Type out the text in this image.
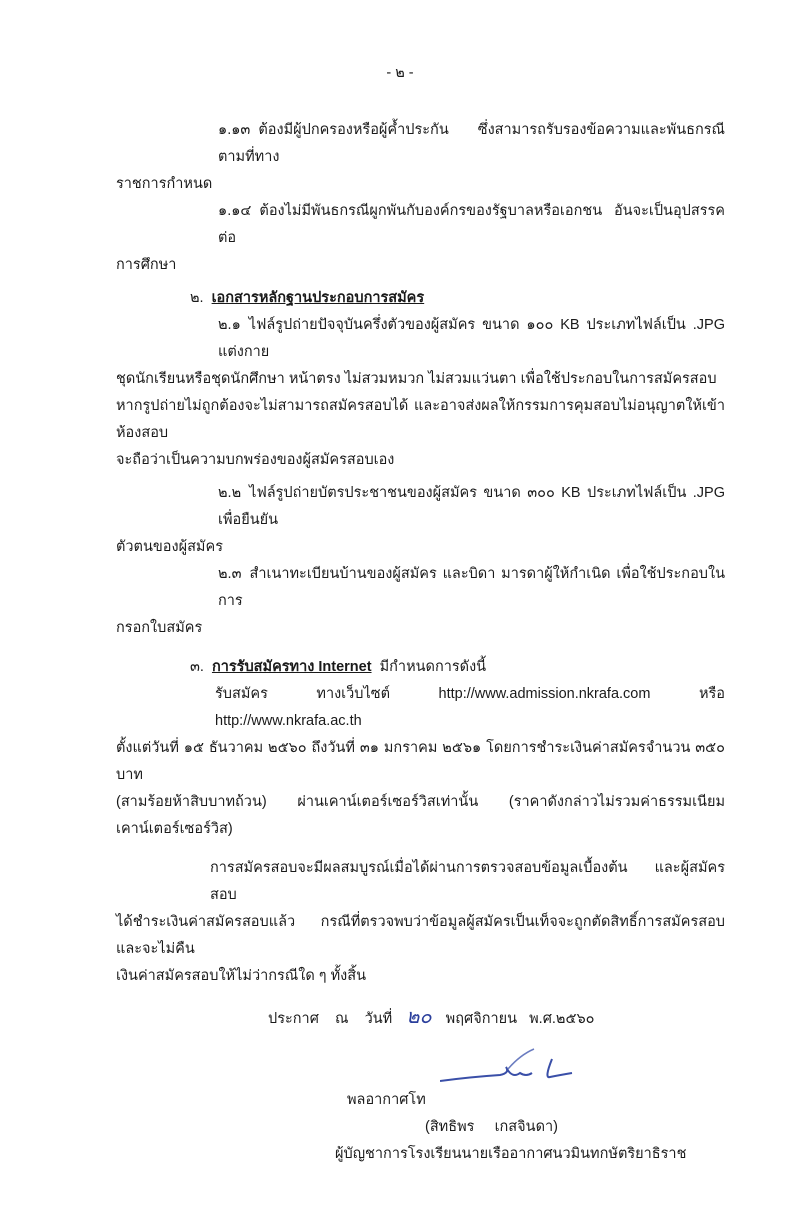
- ๒ -
๑.๑๓ ต้องมีผู้ปกครองหรือผู้ค้ำประกัน ซึ่งสามารถรับรองข้อความและพันธกรณีตามที่ทาง
ราชการกำหนด
๑.๑๔ ต้องไม่มีพันธกรณีผูกพันกับองค์กรของรัฐบาลหรือเอกชน อันจะเป็นอุปสรรคต่อ
การศึกษา
๒. เอกสารหลักฐานประกอบการสมัคร
๒.๑ ไฟล์รูปถ่ายปัจจุบันครึ่งตัวของผู้สมัคร ขนาด ๑๐๐ KB ประเภทไฟล์เป็น .JPG แต่งกาย
ชุดนักเรียนหรือชุดนักศึกษา หน้าตรง ไม่สวมหมวก ไม่สวมแว่นตา เพื่อใช้ประกอบในการสมัครสอบ
หากรูปถ่ายไม่ถูกต้องจะไม่สามารถสมัครสอบได้ และอาจส่งผลให้กรรมการคุมสอบไม่อนุญาตให้เข้าห้องสอบ
จะถือว่าเป็นความบกพร่องของผู้สมัครสอบเอง
๒.๒ ไฟล์รูปถ่ายบัตรประชาชนของผู้สมัคร ขนาด ๓๐๐ KB ประเภทไฟล์เป็น .JPG เพื่อยืนยัน
ตัวตนของผู้สมัคร
๒.๓ สำเนาทะเบียนบ้านของผู้สมัคร และบิดา มารดาผู้ให้กำเนิด เพื่อใช้ประกอบในการ
กรอกใบสมัคร
๓. การรับสมัครทาง Internet มีกำหนดการดังนี้
รับสมัคร ทางเว็บไซต์ http://www.admission.nkrafa.com หรือ http://www.nkrafa.ac.th
ตั้งแต่วันที่ ๑๕ ธันวาคม ๒๕๖๐ ถึงวันที่ ๓๑ มกราคม ๒๕๖๑ โดยการชำระเงินค่าสมัครจำนวน ๓๕๐ บาท
(สามร้อยห้าสิบบาทถ้วน) ผ่านเคาน์เตอร์เซอร์วิสเท่านั้น (ราคาดังกล่าวไม่รวมค่าธรรมเนียมเคาน์เตอร์เซอร์วิส)
การสมัครสอบจะมีผลสมบูรณ์เมื่อได้ผ่านการตรวจสอบข้อมูลเบื้องต้น และผู้สมัครสอบ
ได้ชำระเงินค่าสมัครสอบแล้ว กรณีที่ตรวจพบว่าข้อมูลผู้สมัครเป็นเท็จจะถูกตัดสิทธิ์การสมัครสอบ และจะไม่คืน
เงินค่าสมัครสอบให้ไม่ว่ากรณีใด ๆ ทั้งสิ้น
ประกาศ    ณ    วันที่ ๒๐ พฤศจิกายน   พ.ศ.๒๕๖๐
พลอากาศโท
(สิทธิพร     เกสจินดา)
ผู้บัญชาการโรงเรียนนายเรืออากาศนวมินทกษัตริยาธิราช
